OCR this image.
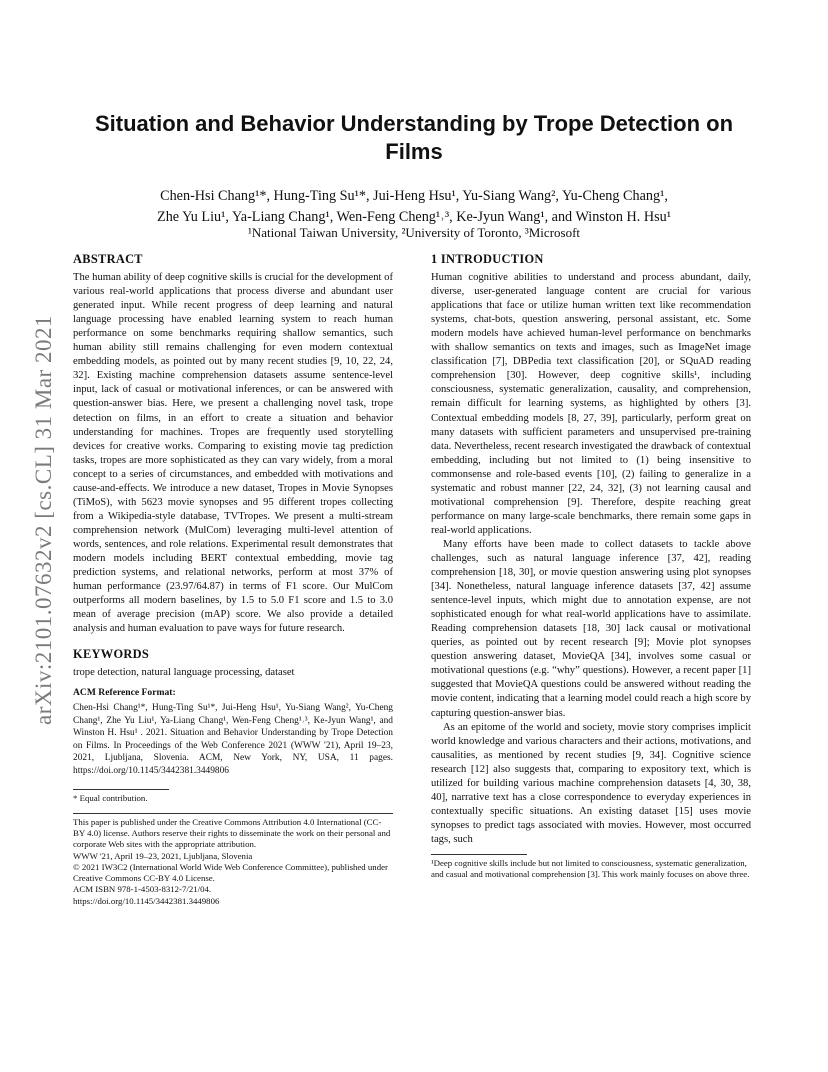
arXiv:2101.07632v2 [cs.CL] 31 Mar 2021
Situation and Behavior Understanding by Trope Detection on Films
Chen-Hsi Chang¹*, Hung-Ting Su¹*, Jui-Heng Hsu¹, Yu-Siang Wang², Yu-Cheng Chang¹,
Zhe Yu Liu¹, Ya-Liang Chang¹, Wen-Feng Cheng¹˒³, Ke-Jyun Wang¹, and Winston H. Hsu¹
¹National Taiwan University, ²University of Toronto, ³Microsoft
ABSTRACT

The human ability of deep cognitive skills is crucial for the development of various real-world applications that process diverse and abundant user generated input. While recent progress of deep learning and natural language processing have enabled learning system to reach human performance on some benchmarks requiring shallow semantics, such human ability still remains challenging for even modern contextual embedding models, as pointed out by many recent studies [9, 10, 22, 24, 32]. Existing machine comprehension datasets assume sentence-level input, lack of casual or motivational inferences, or can be answered with question-answer bias. Here, we present a challenging novel task, trope detection on films, in an effort to create a situation and behavior understanding for machines. Tropes are frequently used storytelling devices for creative works. Comparing to existing movie tag prediction tasks, tropes are more sophisticated as they can vary widely, from a moral concept to a series of circumstances, and embedded with motivations and cause-and-effects. We introduce a new dataset, Tropes in Movie Synopses (TiMoS), with 5623 movie synopses and 95 different tropes collecting from a Wikipedia-style database, TVTropes. We present a multi-stream comprehension network (MulCom) leveraging multi-level attention of words, sentences, and role relations. Experimental result demonstrates that modern models including BERT contextual embedding, movie tag prediction systems, and relational networks, perform at most 37% of human performance (23.97/64.87) in terms of F1 score. Our MulCom outperforms all modern baselines, by 1.5 to 5.0 F1 score and 1.5 to 3.0 mean of average precision (mAP) score. We also provide a detailed analysis and human evaluation to pave ways for future research.

KEYWORDS

trope detection, natural language processing, dataset

ACM Reference Format:

Chen-Hsi Chang¹*, Hung-Ting Su¹*, Jui-Heng Hsu¹, Yu-Siang Wang², Yu-Cheng Chang¹, Zhe Yu Liu¹, Ya-Liang Chang¹, Wen-Feng Cheng¹˒³, Ke-Jyun Wang¹, and Winston H. Hsu¹ . 2021. Situation and Behavior Understanding by Trope Detection on Films. In Proceedings of the Web Conference 2021 (WWW '21), April 19–23, 2021, Ljubljana, Slovenia. ACM, New York, NY, USA, 11 pages. https://doi.org/10.1145/3442381.3449806

* Equal contribution.

This paper is published under the Creative Commons Attribution 4.0 International (CC-BY 4.0) license. Authors reserve their rights to disseminate the work on their personal and corporate Web sites with the appropriate attribution.

WWW '21, April 19–23, 2021, Ljubljana, Slovenia

© 2021 IW3C2 (International World Wide Web Conference Committee), published under Creative Commons CC-BY 4.0 License.

ACM ISBN 978-1-4503-8312-7/21/04.

https://doi.org/10.1145/3442381.3449806

1 INTRODUCTION

Human cognitive abilities to understand and process abundant, daily, diverse, user-generated language content are crucial for various applications that face or utilize human written text like recommendation systems, chat-bots, question answering, personal assistant, etc. Some modern models have achieved human-level performance on benchmarks with shallow semantics on texts and images, such as ImageNet image classification [7], DBPedia text classification [20], or SQuAD reading comprehension [30]. However, deep cognitive skills¹, including consciousness, systematic generalization, causality, and comprehension, remain difficult for learning systems, as highlighted by others [3]. Contextual embedding models [8, 27, 39], particularly, perform great on many datasets with sufficient parameters and unsupervised pre-training data. Nevertheless, recent research investigated the drawback of contextual embedding, including but not limited to (1) being insensitive to commonsense and role-based events [10], (2) failing to generalize in a systematic and robust manner [22, 24, 32], (3) not learning causal and motivational comprehension [9]. Therefore, despite reaching great performance on many large-scale benchmarks, there remain some gaps in real-world applications.

Many efforts have been made to collect datasets to tackle above challenges, such as natural language inference [37, 42], reading comprehension [18, 30], or movie question answering using plot synopses [34]. Nonetheless, natural language inference datasets [37, 42] assume sentence-level inputs, which might due to annotation expense, are not sophisticated enough for what real-world applications have to assimilate. Reading comprehension datasets [18, 30] lack causal or motivational queries, as pointed out by recent research [9]; Movie plot synopses question answering dataset, MovieQA [34], involves some casual or motivational questions (e.g. “why” questions). However, a recent paper [1] suggested that MovieQA questions could be answered without reading the movie content, indicating that a learning model could reach a high score by capturing question-answer bias.

As an epitome of the world and society, movie story comprises implicit world knowledge and various characters and their actions, motivations, and causalities, as mentioned by recent studies [9, 34]. Cognitive science research [12] also suggests that, comparing to expository text, which is utilized for building various machine comprehension datasets [4, 30, 38, 40], narrative text has a close correspondence to everyday experiences in contextually specific situations. An existing dataset [15] uses movie synopses to predict tags associated with movies. However, most occurred tags, such

¹Deep cognitive skills include but not limited to consciousness, systematic generalization, and casual and motivational comprehension [3]. This work mainly focuses on above three.
